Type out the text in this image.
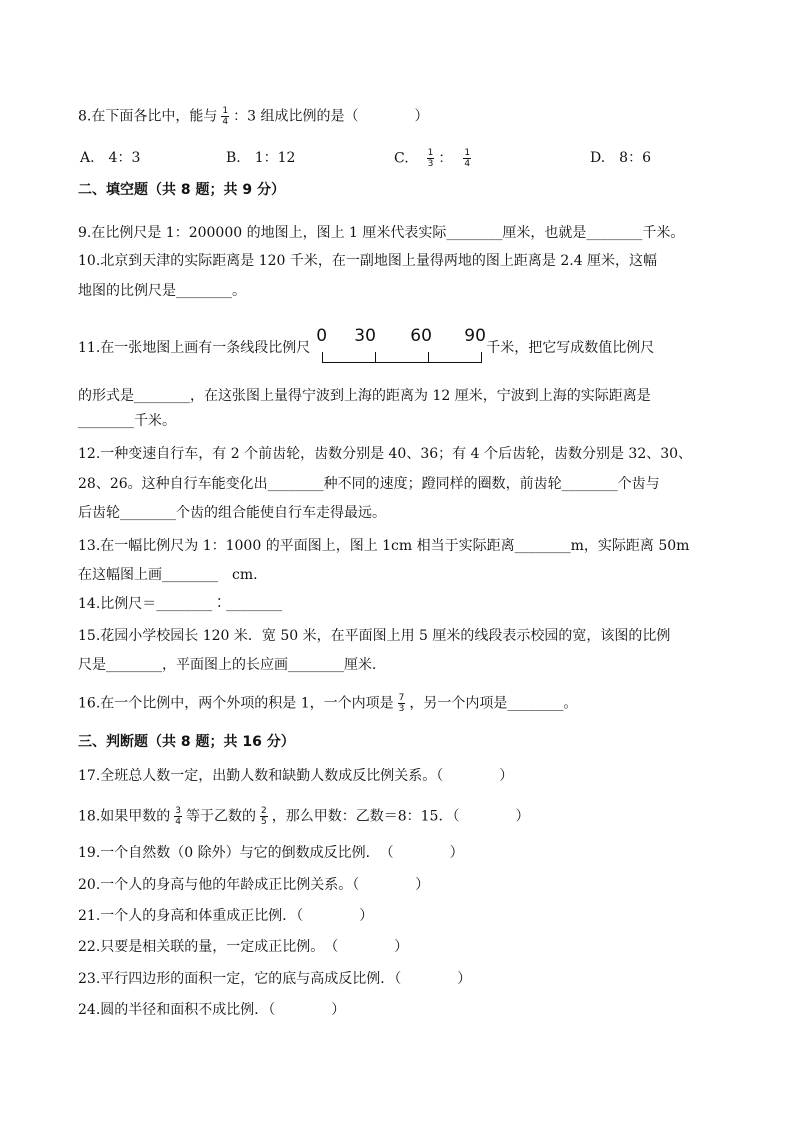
8.在下面各比中，能与 $\frac{1}{4}$ ：3 组成比例的是（　　　　）
A.　4：3	B.　1：12	C.　 $\frac{1}{3}$ ：　 $\frac{1}{4}$	D.　8：6
二、填空题（共 8 题；共 9 分）
9.在比例尺是 1：200000 的地图上，图上 1 厘米代表实际________厘米，也就是________千米。
10.北京到天津的实际距离是 120 千米，在一副地图上量得两地的图上距离是 2.4 厘米，这幅
地图的比例尺是________。
11.在一张地图上画有一条线段比例尺
0 30 60 90
千米，把它写成数值比例尺
的形式是________，在这张图上量得宁波到上海的距离为 12 厘米，宁波到上海的实际距离是
________千米。
12.一种变速自行车，有 2 个前齿轮，齿数分别是 40、36；有 4 个后齿轮，齿数分别是 32、30、
28、26。这种自行车能变化出________种不同的速度；蹬同样的圈数，前齿轮________个齿与
后齿轮________个齿的组合能使自行车走得最远。
13.在一幅比例尺为 1：1000 的平面图上，图上 1cm 相当于实际距离________m，实际距离 50m
在这幅图上画________　cm.
14.比例尺＝________∶________
15.花园小学校园长 120 米．宽 50 米，在平面图上用 5 厘米的线段表示校园的宽，该图的比例
尺是________，平面图上的长应画________厘米．
16.在一个比例中，两个外项的积是 1，一个内项是 $\frac{7}{3}$ ，另一个内项是________。
三、判断题（共 8 题；共 16 分）
17.全班总人数一定，出勤人数和缺勤人数成反比例关系。（　　　　）
18.如果甲数的 $\frac{3}{4}$ 等于乙数的 $\frac{2}{5}$ ，那么甲数：乙数＝8：15．（　　　　）
19.一个自然数（0 除外）与它的倒数成反比例．　（　　　　）
20.一个人的身高与他的年龄成正比例关系。（　　　　）
21.一个人的身高和体重成正比例．（　　　　）
22.只要是相关联的量，一定成正比例。　（　　　　）
23.平行四边形的面积一定，它的底与高成反比例．（　　　　）
24.圆的半径和面积不成比例．（　　　　）
